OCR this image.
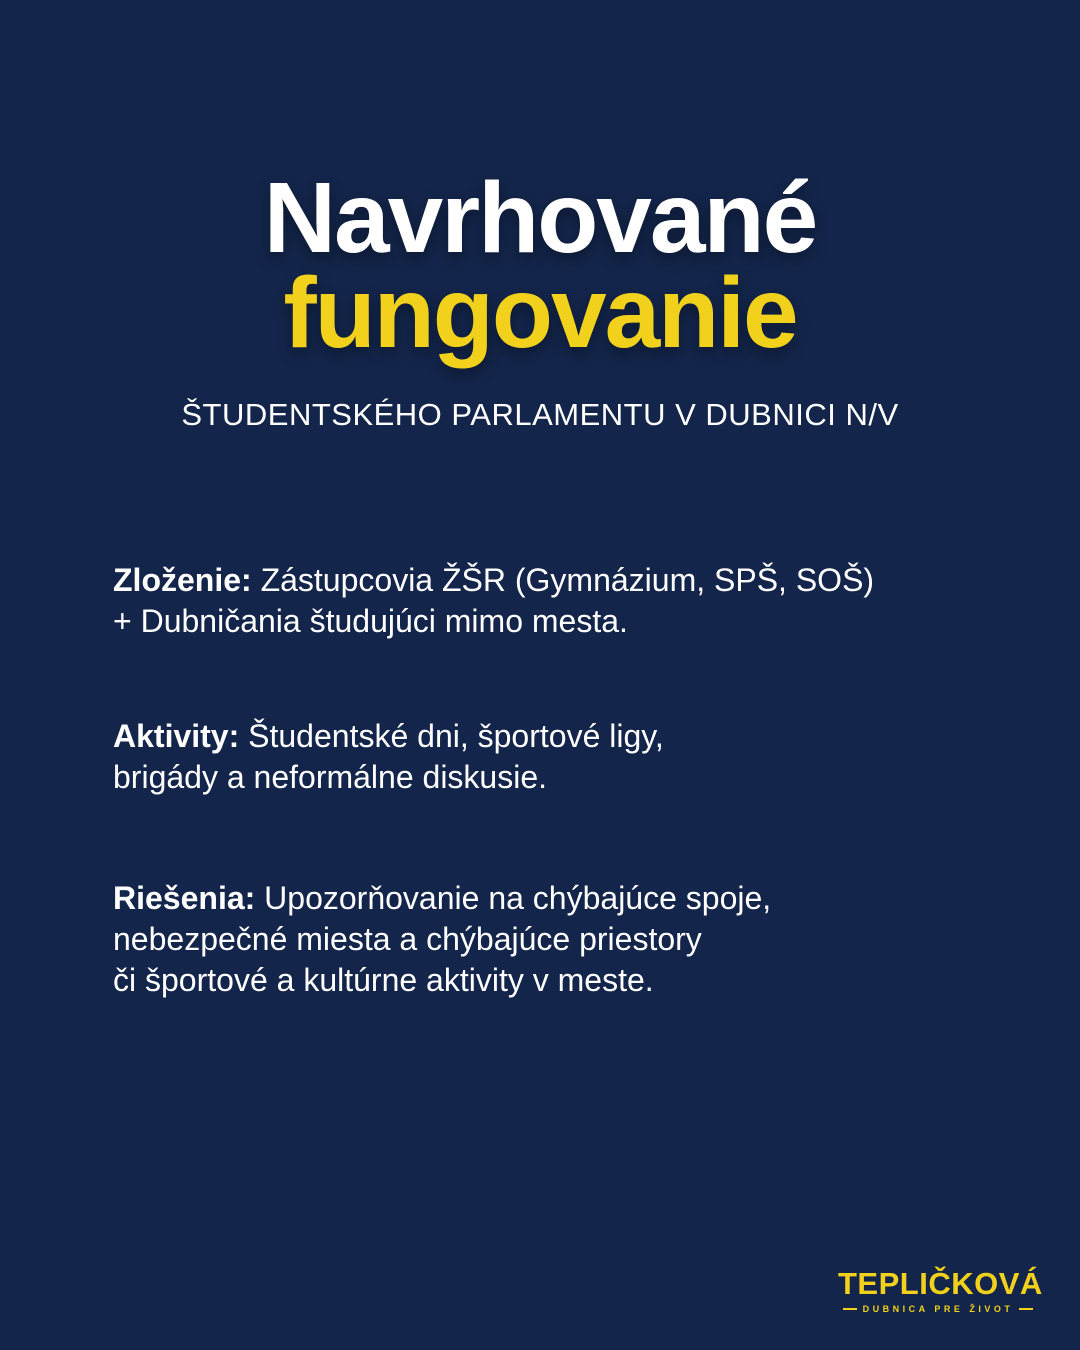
Navrhované
fungovanie
ŠTUDENTSKÉHO PARLAMENTU V DUBNICI N/V
Zloženie: Zástupcovia ŽŠR (Gymnázium, SPŠ, SOŠ)
+ Dubničania študujúci mimo mesta.
Aktivity: Študentské dni, športové ligy,
brigády a neformálne diskusie.
Riešenia: Upozorňovanie na chýbajúce spoje,
nebezpečné miesta a chýbajúce priestory
či športové a kultúrne aktivity v meste.
TEPLIČKOVÁ
DUBNICA PRE ŽIVOT
